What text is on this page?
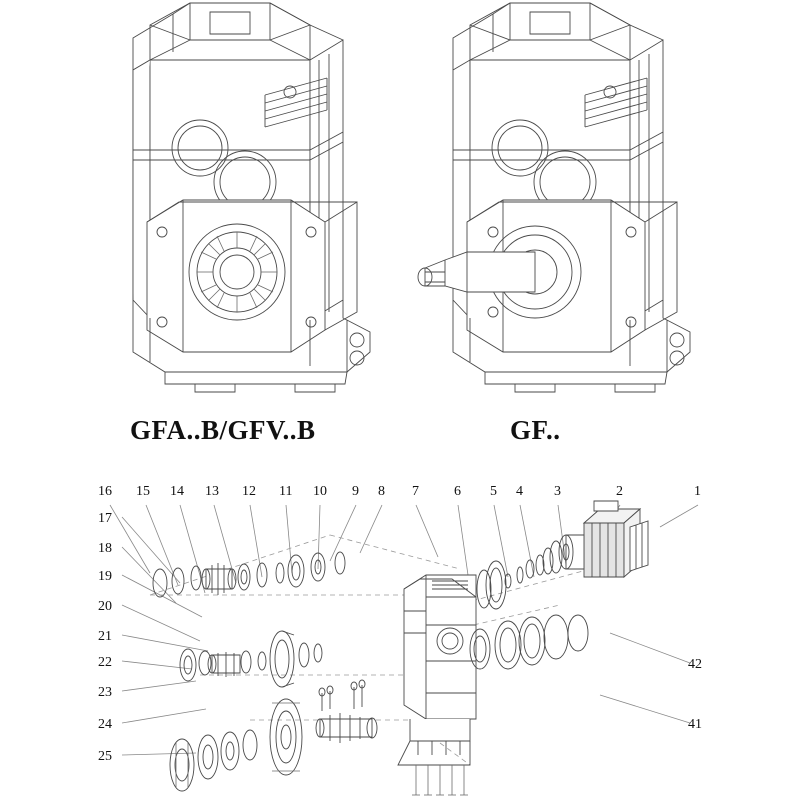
GFA..B/GFV..B	GF..
16 15 14 13 12 11 10 9 8 7	6 5 4 3	2	1
17
18
19
20
21
22
23
24
25
42
41
